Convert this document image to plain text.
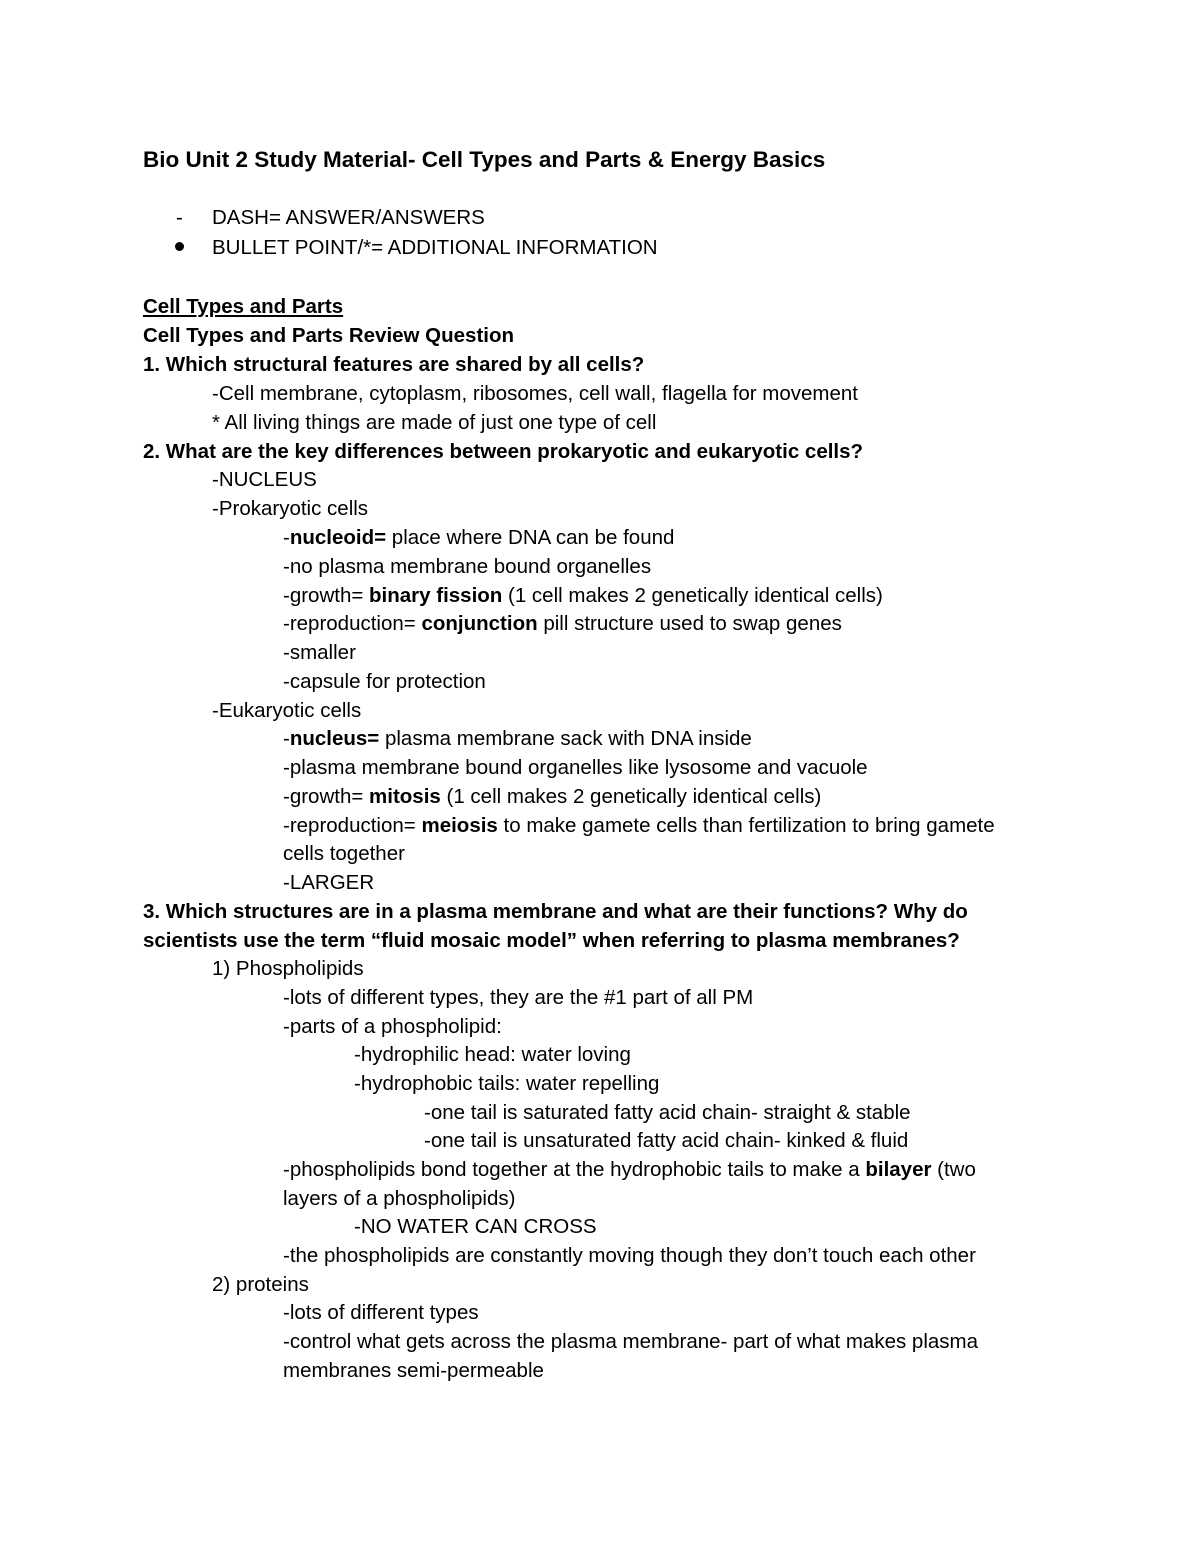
Bio Unit 2 Study Material- Cell Types and Parts & Energy Basics
- DASH= ANSWER/ANSWERS
BULLET POINT/*= ADDITIONAL INFORMATION
Cell Types and Parts
Cell Types and Parts Review Question
1. Which structural features are shared by all cells?
-Cell membrane, cytoplasm, ribosomes, cell wall, flagella for movement
* All living things are made of just one type of cell
2. What are the key differences between prokaryotic and eukaryotic cells?
-NUCLEUS
-Prokaryotic cells
-nucleoid= place where DNA can be found
-no plasma membrane bound organelles
-growth= binary fission (1 cell makes 2 genetically identical cells)
-reproduction= conjunction pill structure used to swap genes
-smaller
-capsule for protection
-Eukaryotic cells
-nucleus= plasma membrane sack with DNA inside
-plasma membrane bound organelles like lysosome and vacuole
-growth= mitosis (1 cell makes 2 genetically identical cells)
-reproduction= meiosis to make gamete cells than fertilization to bring gamete
cells together
-LARGER
3. Which structures are in a plasma membrane and what are their functions? Why do
scientists use the term “fluid mosaic model” when referring to plasma membranes?
1) Phospholipids
-lots of different types, they are the #1 part of all PM
-parts of a phospholipid:
-hydrophilic head: water loving
-hydrophobic tails: water repelling
-one tail is saturated fatty acid chain- straight & stable
-one tail is unsaturated fatty acid chain- kinked & fluid
-phospholipids bond together at the hydrophobic tails to make a bilayer (two
layers of a phospholipids)
-NO WATER CAN CROSS
-the phospholipids are constantly moving though they don’t touch each other
2) proteins
-lots of different types
-control what gets across the plasma membrane- part of what makes plasma
membranes semi-permeable
